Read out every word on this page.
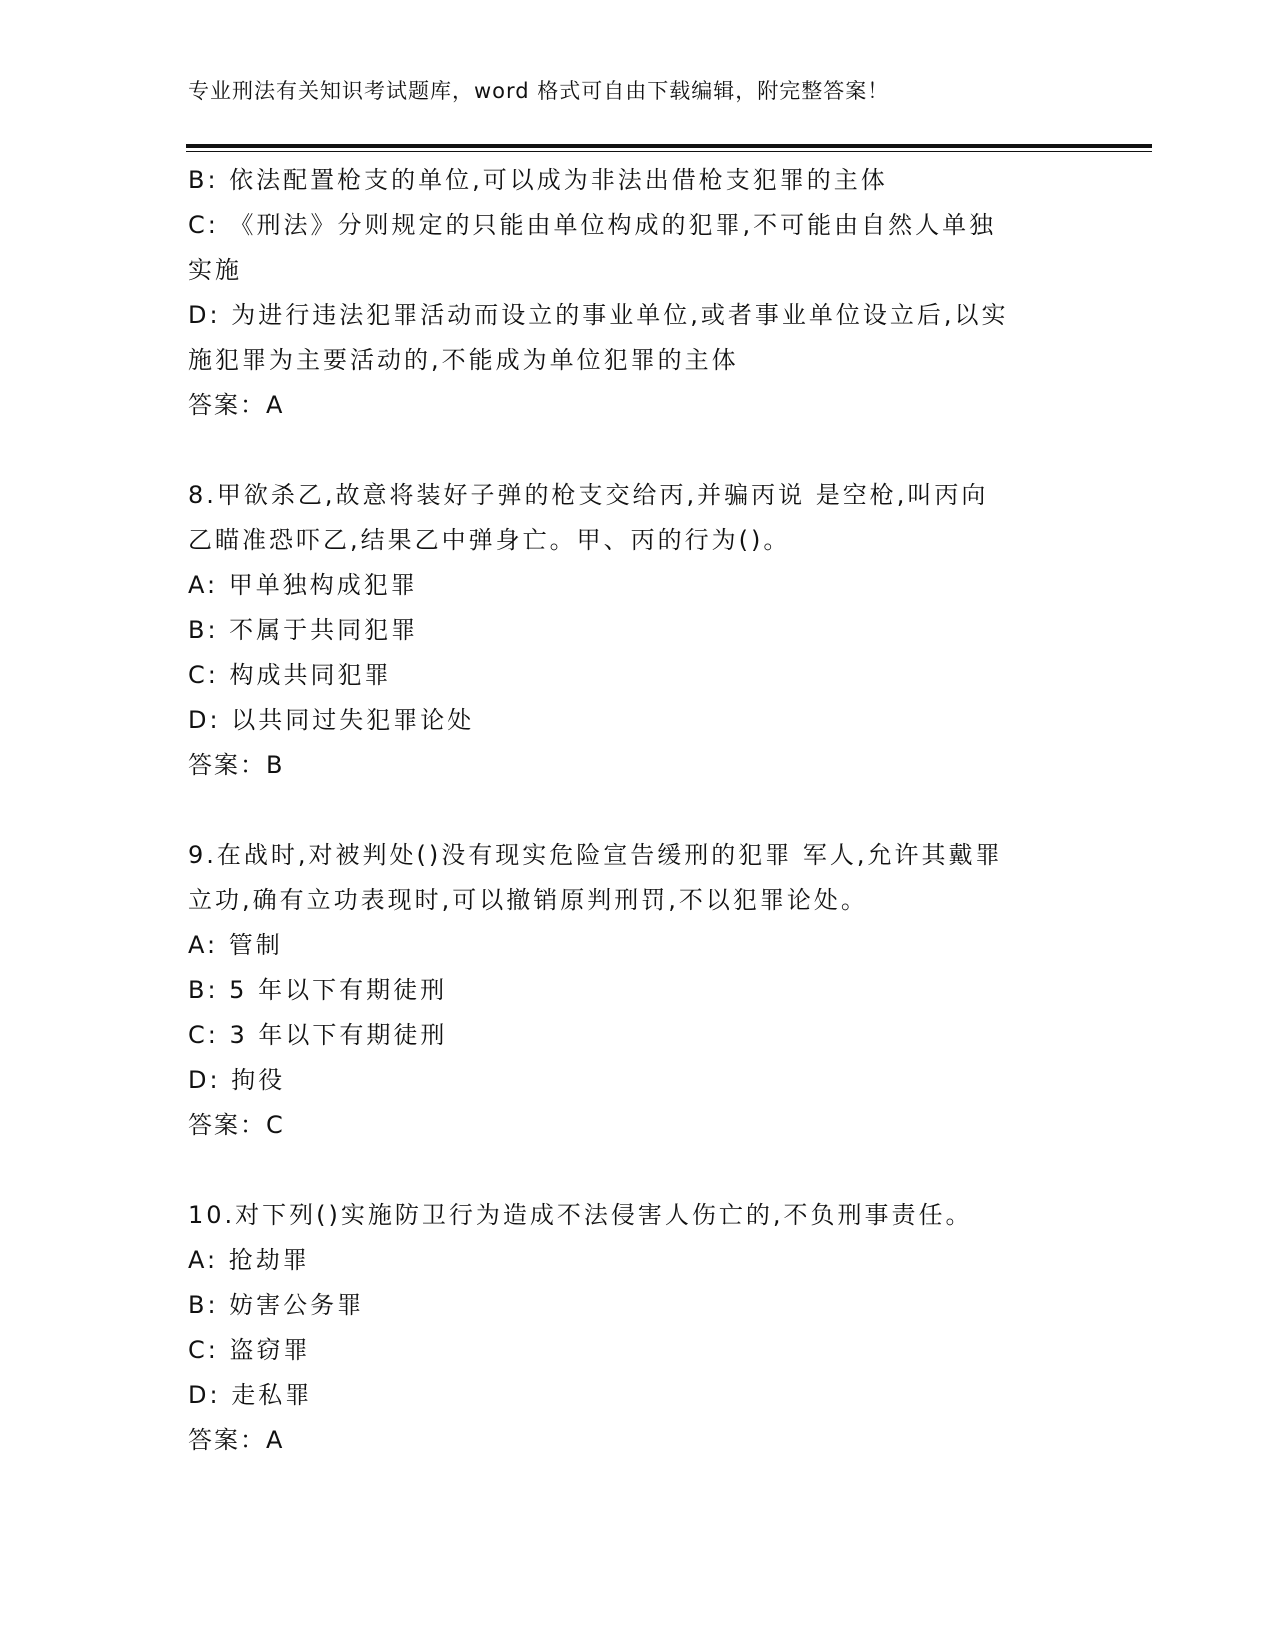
专业刑法有关知识考试题库，word 格式可自由下载编辑，附完整答案！
B: 依法配置枪支的单位,可以成为非法出借枪支犯罪的主体
C: 《刑法》分则规定的只能由单位构成的犯罪,不可能由自然人单独
实施
D: 为进行违法犯罪活动而设立的事业单位,或者事业单位设立后,以实
施犯罪为主要活动的,不能成为单位犯罪的主体
答案：A
8.甲欲杀乙,故意将装好子弹的枪支交给丙,并骗丙说 是空枪,叫丙向
乙瞄准恐吓乙,结果乙中弹身亡。甲、丙的行为()。
A: 甲单独构成犯罪
B: 不属于共同犯罪
C: 构成共同犯罪
D: 以共同过失犯罪论处
答案：B
9.在战时,对被判处()没有现实危险宣告缓刑的犯罪 军人,允许其戴罪
立功,确有立功表现时,可以撤销原判刑罚,不以犯罪论处。
A: 管制
B: 5 年以下有期徒刑
C: 3 年以下有期徒刑
D: 拘役
答案：C
10.对下列()实施防卫行为造成不法侵害人伤亡的,不负刑事责任。
A: 抢劫罪
B: 妨害公务罪
C: 盗窃罪
D: 走私罪
答案：A
